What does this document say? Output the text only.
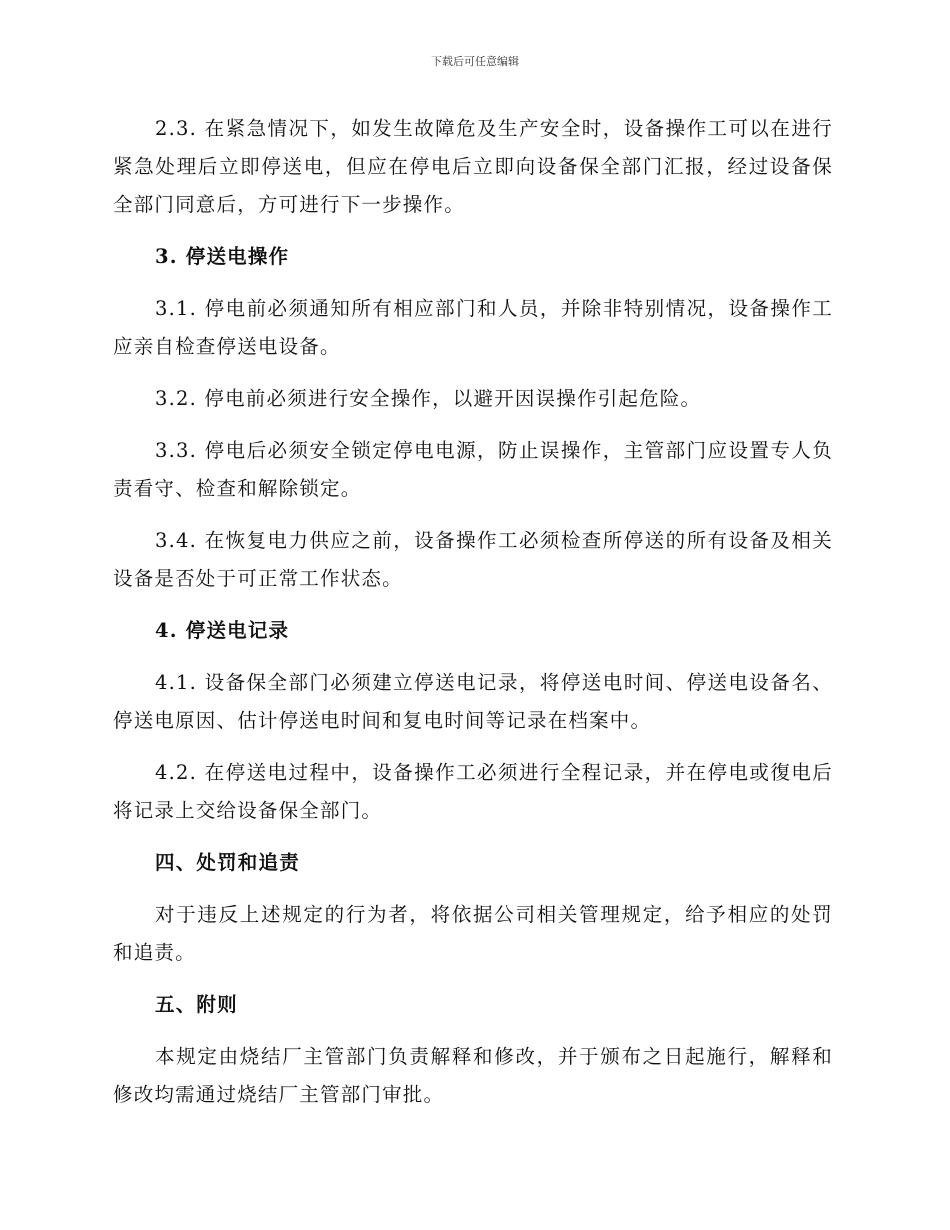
下载后可任意编辑

2.3. 在紧急情况下，如发生故障危及生产安全时，设备操作工可以在进行紧急处理后立即停送电，但应在停电后立即向设备保全部门汇报，经过设备保全部门同意后，方可进行下一步操作。

3. 停送电操作

3.1. 停电前必须通知所有相应部门和人员，并除非特别情况，设备操作工应亲自检查停送电设备。

3.2. 停电前必须进行安全操作，以避开因误操作引起危险。

3.3. 停电后必须安全锁定停电电源，防止误操作，主管部门应设置专人负责看守、检查和解除锁定。

3.4. 在恢复电力供应之前，设备操作工必须检查所停送的所有设备及相关设备是否处于可正常工作状态。

4. 停送电记录

4.1. 设备保全部门必须建立停送电记录，将停送电时间、停送电设备名、停送电原因、估计停送电时间和复电时间等记录在档案中。

4.2. 在停送电过程中，设备操作工必须进行全程记录，并在停电或復电后将记录上交给设备保全部门。

四、处罚和追责

对于违反上述规定的行为者，将依据公司相关管理规定，给予相应的处罚和追责。

五、附则

本规定由烧结厂主管部门负责解释和修改，并于颁布之日起施行，解释和修改均需通过烧结厂主管部门审批。
